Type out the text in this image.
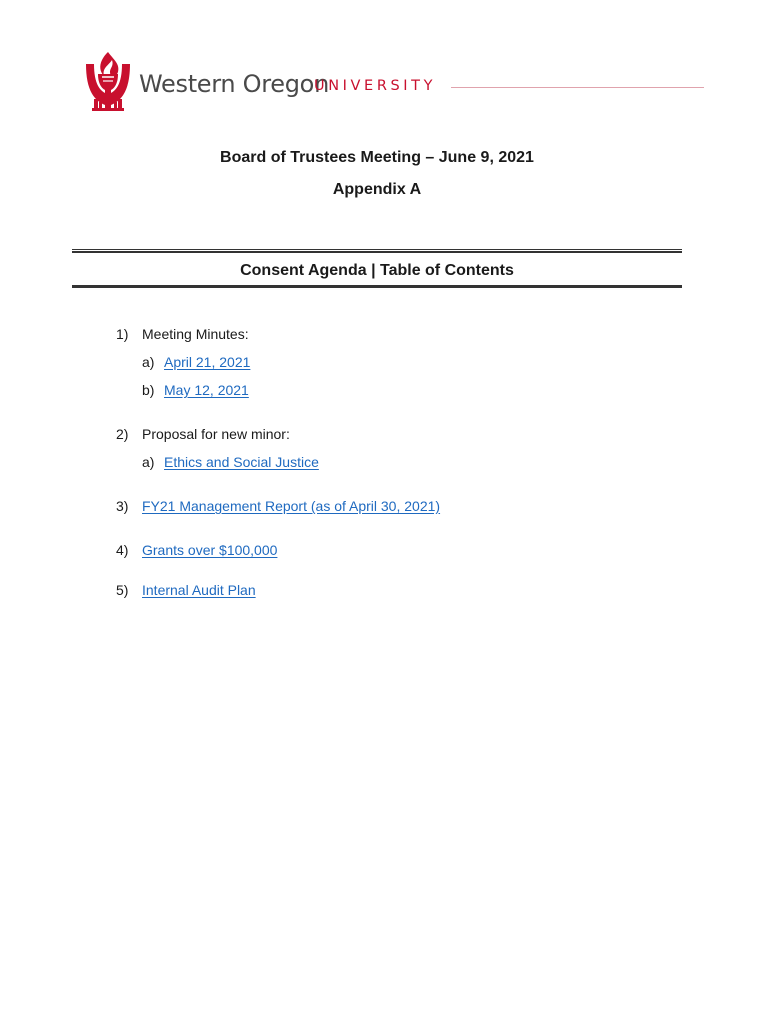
Western Oregon
UNIVERSITY
Board of Trustees Meeting – June 9, 2021
Appendix A
Consent Agenda | Table of Contents
1) Meeting Minutes:
a) April 21, 2021
b) May 12, 2021
2) Proposal for new minor:
a) Ethics and Social Justice
3) FY21 Management Report (as of April 30, 2021)
4) Grants over $100,000
5) Internal Audit Plan
